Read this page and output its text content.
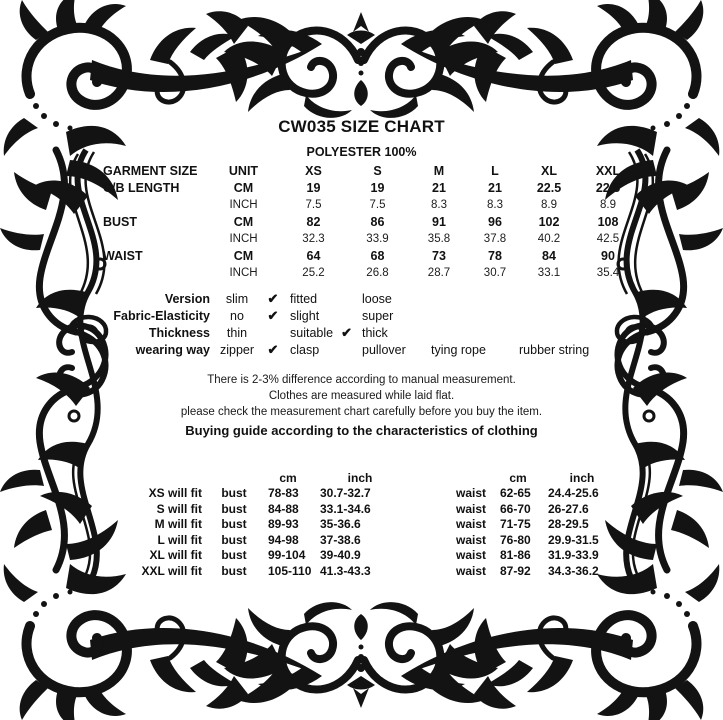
CW035 SIZE CHART
POLYESTER 100%
GARMENT SIZE	UNIT	XS	S	M	L	XL	XXL
C/B LENGTH	CM	19	19	21	21	22.5	22.5
	INCH	7.5	7.5	8.3	8.3	8.9	8.9
BUST	CM	82	86	91	96	102	108
	INCH	32.3	33.9	35.8	37.8	40.2	42.5
WAIST	CM	64	68	73	78	84	90
	INCH	25.2	26.8	28.7	30.7	33.1	35.4
Version	slim	✔ fitted	loose
Fabric-Elasticity	no	✔ slight	super
Thickness	thin	suitable ✔ thick
wearing way zipper	✔ clasp	pullover	tying rope	rubber string
There is 2-3% difference according to manual measurement.
Clothes are measured while laid flat.
please check the measurement chart carefully before you buy the item.
Buying guide according to the characteristics of clothing
		cm	inch			cm	inch
XS will fit	bust	78-83	30.7-32.7		waist	62-65	24.4-25.6
S will fit	bust	84-88	33.1-34.6		waist	66-70	26-27.6
M will fit	bust	89-93	35-36.6		waist	71-75	28-29.5
L will fit	bust	94-98	37-38.6		waist	76-80	29.9-31.5
XL will fit	bust	99-104	39-40.9		waist	81-86	31.9-33.9
XXL will fit	bust	105-110	41.3-43.3		waist	87-92	34.3-36.2
